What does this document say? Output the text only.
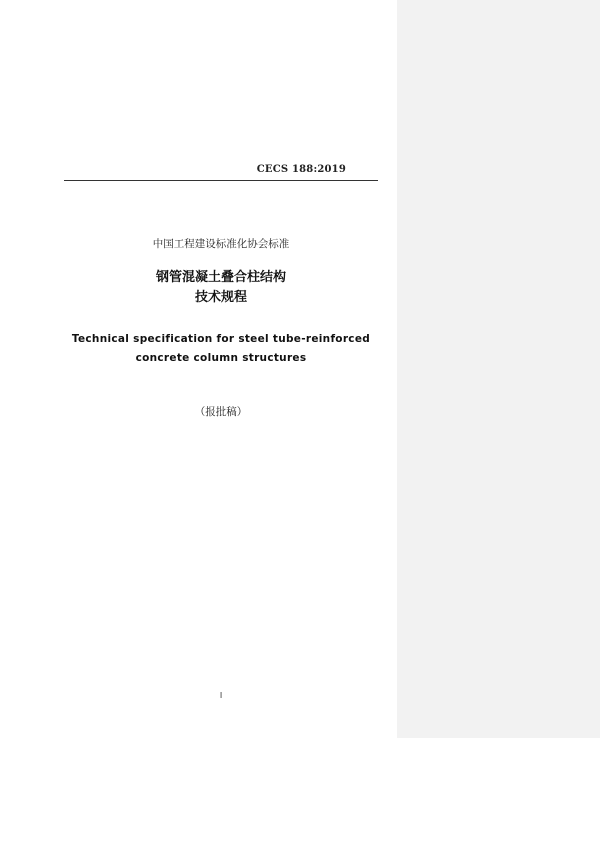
CECS 188:2019
中国工程建设标准化协会标准
钢管混凝土叠合柱结构
技术规程
Technical specification for steel tube-reinforced
concrete column structures
（报批稿）
I
